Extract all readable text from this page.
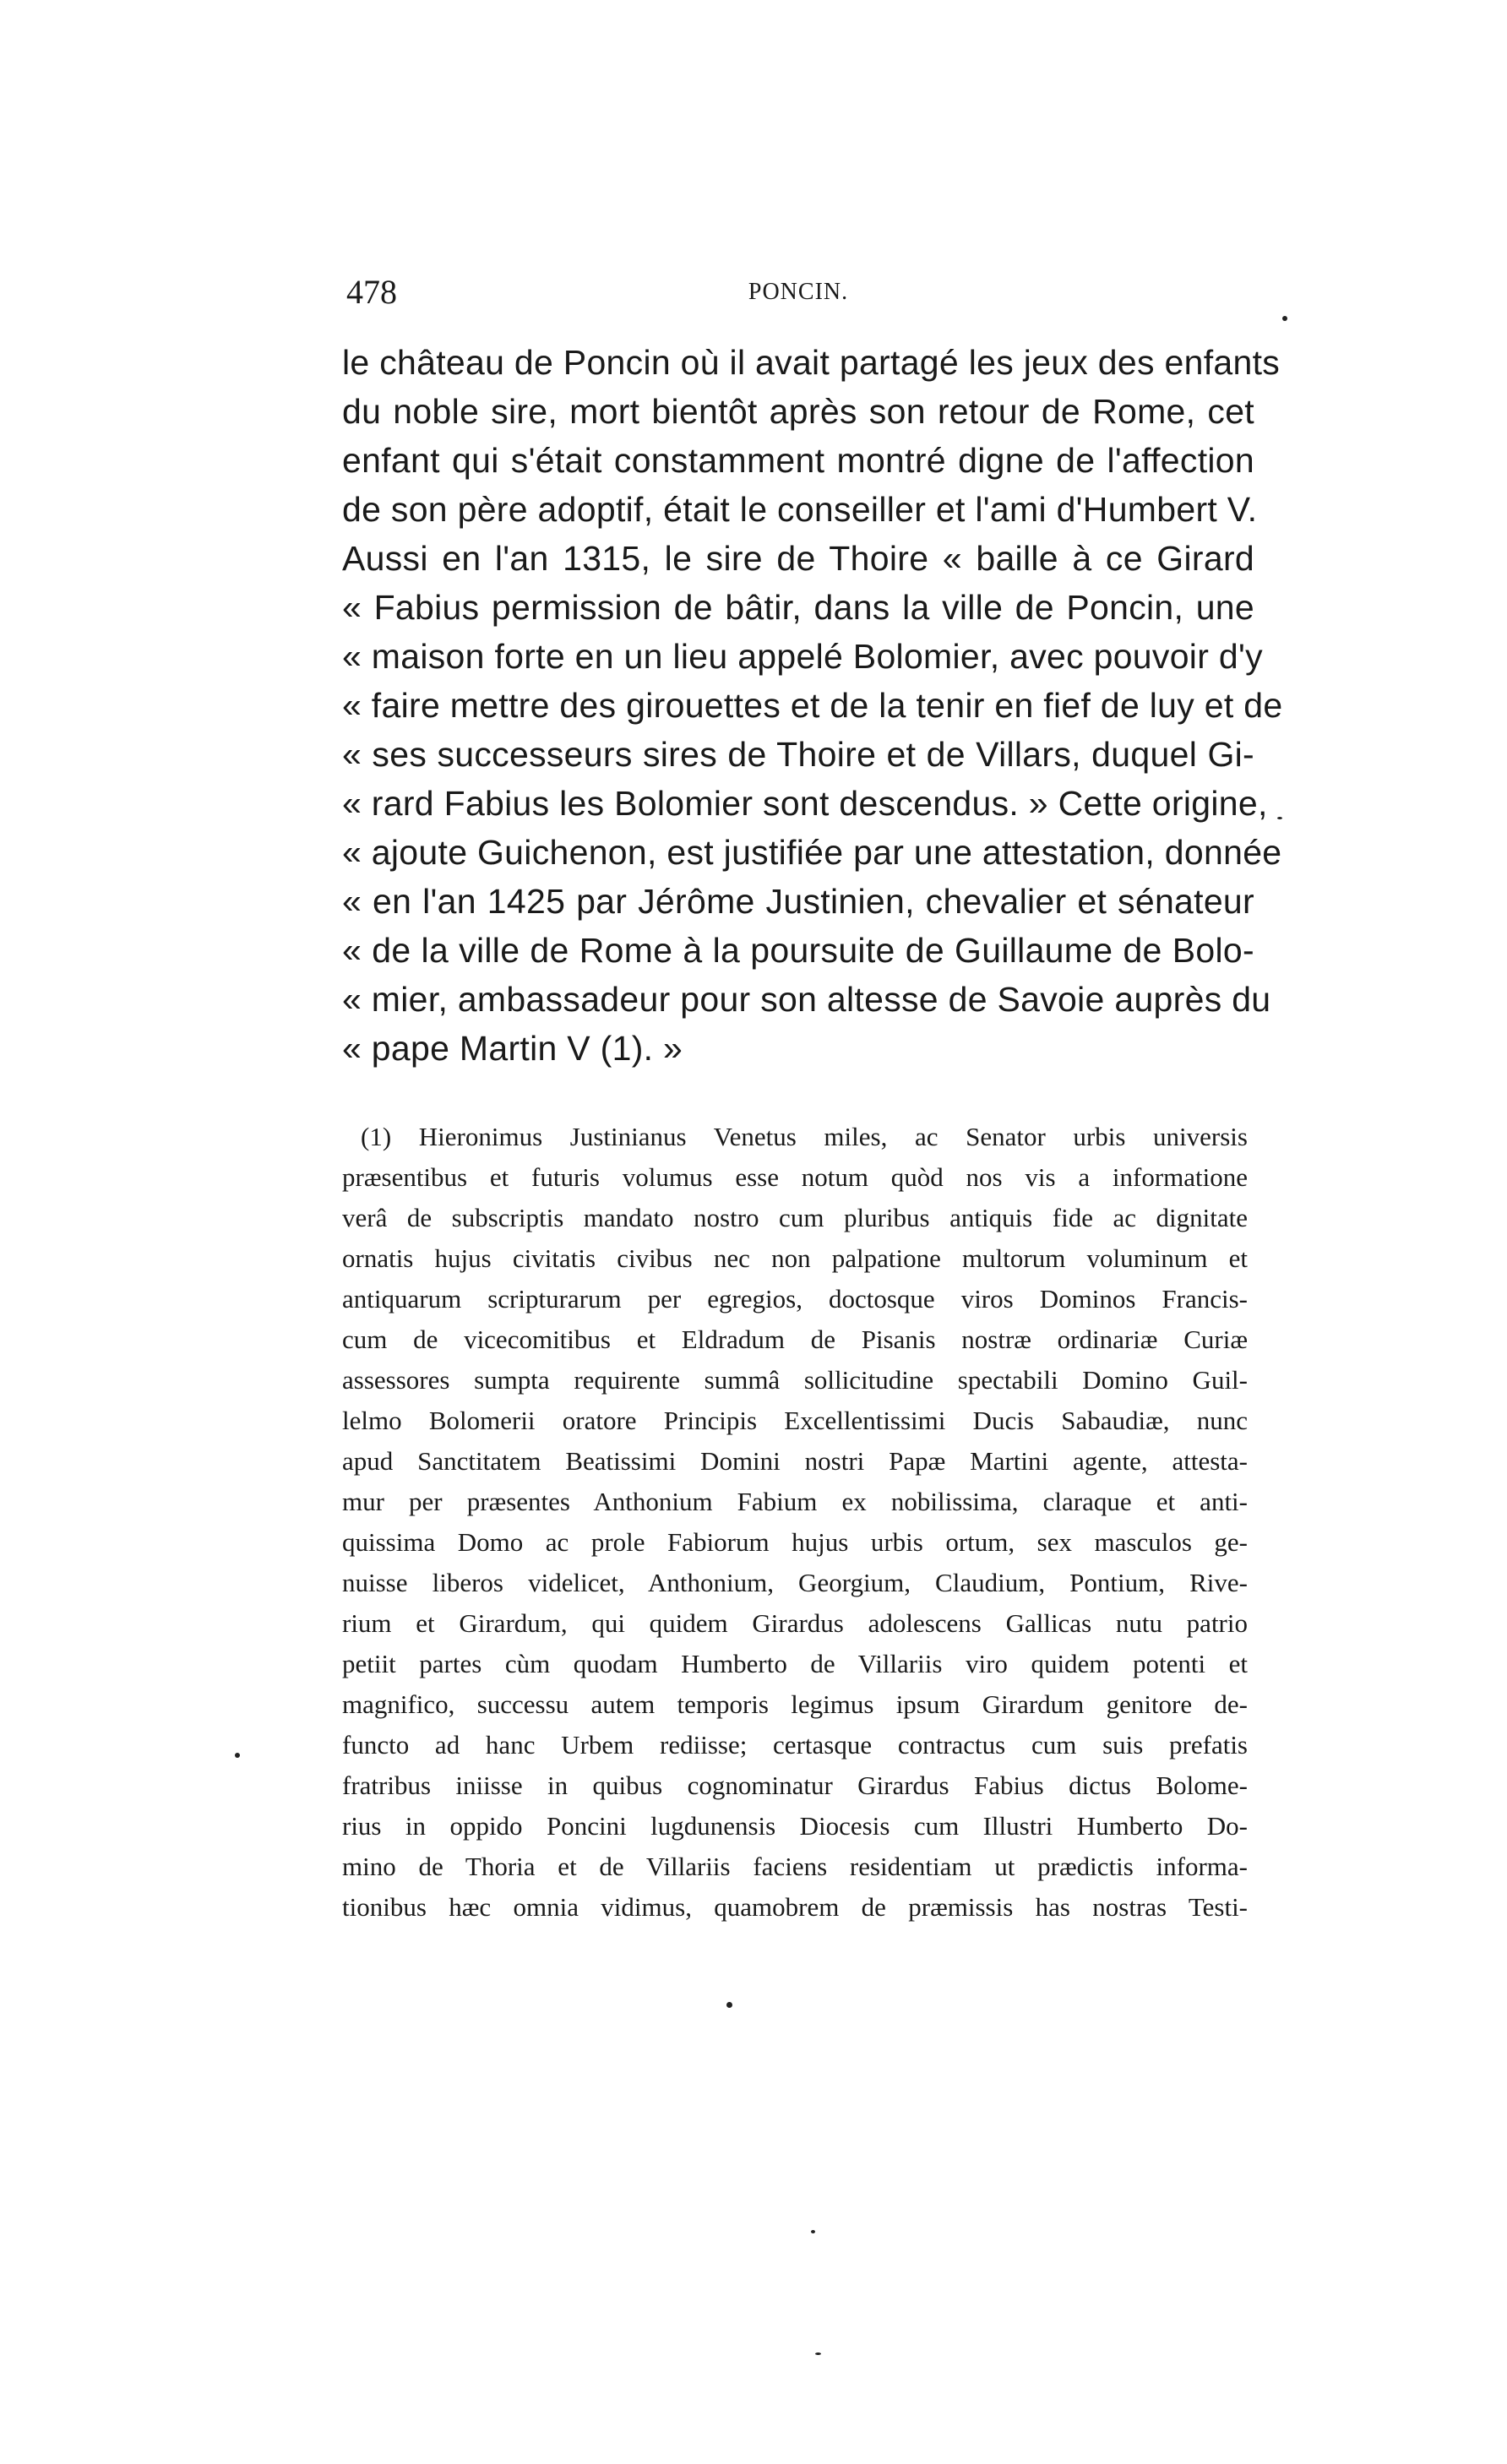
478	PONCIN.
le château de Poncin où il avait partagé les jeux des enfants
du noble sire, mort bientôt après son retour de Rome, cet
enfant qui s'était constamment montré digne de l'affection
de son père adoptif, était le conseiller et l'ami d'Humbert V.
Aussi en l'an 1315, le sire de Thoire « baille à ce Girard
« Fabius permission de bâtir, dans la ville de Poncin, une
« maison forte en un lieu appelé Bolomier, avec pouvoir d'y
« faire mettre des girouettes et de la tenir en fief de luy et de
« ses successeurs sires de Thoire et de Villars, duquel Gi-
« rard Fabius les Bolomier sont descendus. » Cette origine,
« ajoute Guichenon, est justifiée par une attestation, donnée
« en l'an 1425 par Jérôme Justinien, chevalier et sénateur
« de la ville de Rome à la poursuite de Guillaume de Bolo-
« mier, ambassadeur pour son altesse de Savoie auprès du
« pape Martin V (1). »
(1) Hieronimus Justinianus Venetus miles, ac Senator urbis universis
præsentibus et futuris volumus esse notum quòd nos vis a informatione
verâ de subscriptis mandato nostro cum pluribus antiquis fide ac dignitate
ornatis hujus civitatis civibus nec non palpatione multorum voluminum et
antiquarum scripturarum per egregios, doctosque viros Dominos Francis-
cum de vicecomitibus et Eldradum de Pisanis nostræ ordinariæ Curiæ
assessores sumpta requirente summâ sollicitudine spectabili Domino Guil-
lelmo Bolomerii oratore Principis Excellentissimi Ducis Sabaudiæ, nunc
apud Sanctitatem Beatissimi Domini nostri Papæ Martini agente, attesta-
mur per præsentes Anthonium Fabium ex nobilissima, claraque et anti-
quissima Domo ac prole Fabiorum hujus urbis ortum, sex masculos ge-
nuisse liberos videlicet, Anthonium, Georgium, Claudium, Pontium, Rive-
rium et Girardum, qui quidem Girardus adolescens Gallicas nutu patrio
petiit partes cùm quodam Humberto de Villariis viro quidem potenti et
magnifico, successu autem temporis legimus ipsum Girardum genitore de-
functo ad hanc Urbem rediisse; certasque contractus cum suis prefatis
fratribus iniisse in quibus cognominatur Girardus Fabius dictus Bolome-
rius in oppido Poncini lugdunensis Diocesis cum Illustri Humberto Do-
mino de Thoria et de Villariis faciens residentiam ut prædictis informa-
tionibus hæc omnia vidimus, quamobrem de præmissis has nostras Testi-
